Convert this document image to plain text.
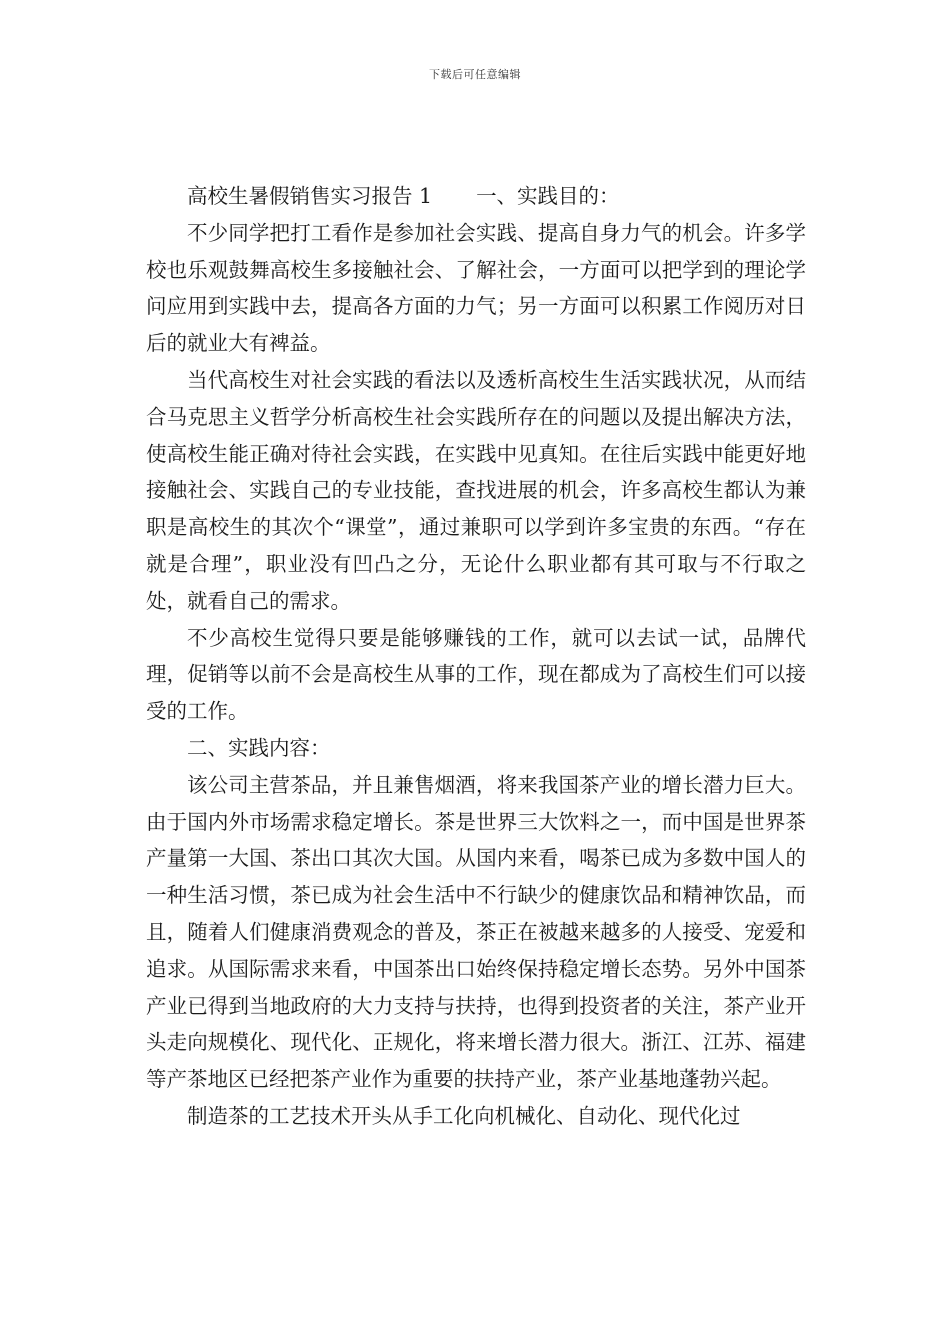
下载后可任意编辑

高校生暑假销售实习报告 1 一、实践目的：

不少同学把打工看作是参加社会实践、提高自身力气的机会。许多学校也乐观鼓舞高校生多接触社会、了解社会，一方面可以把学到的理论学问应用到实践中去，提高各方面的力气；另一方面可以积累工作阅历对日后的就业大有裨益。

当代高校生对社会实践的看法以及透析高校生生活实践状况，从而结合马克思主义哲学分析高校生社会实践所存在的问题以及提出解决方法，使高校生能正确对待社会实践，在实践中见真知。在往后实践中能更好地接触社会、实践自己的专业技能，查找进展的机会，许多高校生都认为兼职是高校生的其次个“课堂”，通过兼职可以学到许多宝贵的东西。“存在就是合理”，职业没有凹凸之分，无论什么职业都有其可取与不行取之处，就看自己的需求。

不少高校生觉得只要是能够赚钱的工作，就可以去试一试，品牌代理，促销等以前不会是高校生从事的工作，现在都成为了高校生们可以接受的工作。

二、实践内容：

该公司主营茶品，并且兼售烟酒，将来我国茶产业的增长潜力巨大。由于国内外市场需求稳定增长。茶是世界三大饮料之一，而中国是世界茶产量第一大国、茶出口其次大国。从国内来看，喝茶已成为多数中国人的一种生活习惯，茶已成为社会生活中不行缺少的健康饮品和精神饮品，而且，随着人们健康消费观念的普及，茶正在被越来越多的人接受、宠爱和追求。从国际需求来看，中国茶出口始终保持稳定增长态势。另外中国茶产业已得到当地政府的大力支持与扶持，也得到投资者的关注，茶产业开头走向规模化、现代化、正规化，将来增长潜力很大。浙江、江苏、福建等产茶地区已经把茶产业作为重要的扶持产业，茶产业基地蓬勃兴起。

制造茶的工艺技术开头从手工化向机械化、自动化、现代化过
